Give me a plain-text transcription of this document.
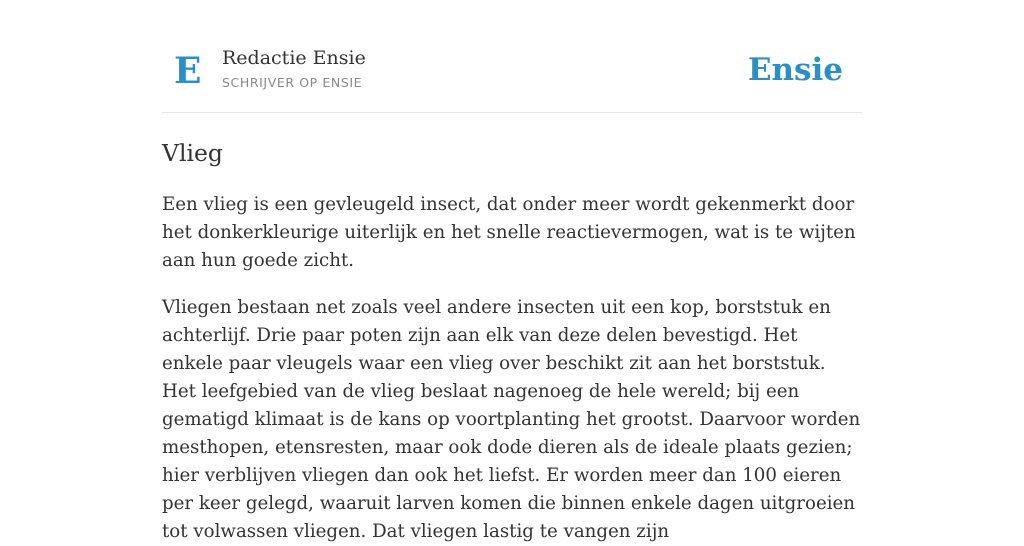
E Redactie Ensie
SCHRIJVER OP ENSIE	Ensie
Vlieg

Een vlieg is een gevleugeld insect, dat onder meer wordt gekenmerkt door het donkerkleurige uiterlijk en het snelle reactievermogen, wat is te wijten aan hun goede zicht.

Vliegen bestaan net zoals veel andere insecten uit een kop, borststuk en achterlijf. Drie paar poten zijn aan elk van deze delen bevestigd. Het enkele paar vleugels waar een vlieg over beschikt zit aan het borststuk. Het leefgebied van de vlieg beslaat nagenoeg de hele wereld; bij een gematigd klimaat is de kans op voortplanting het grootst. Daarvoor worden mesthopen, etensresten, maar ook dode dieren als de ideale plaats gezien; hier verblijven vliegen dan ook het liefst. Er worden meer dan 100 eieren per keer gelegd, waaruit larven komen die binnen enkele dagen uitgroeien tot volwassen vliegen. Dat vliegen lastig te vangen zijn
